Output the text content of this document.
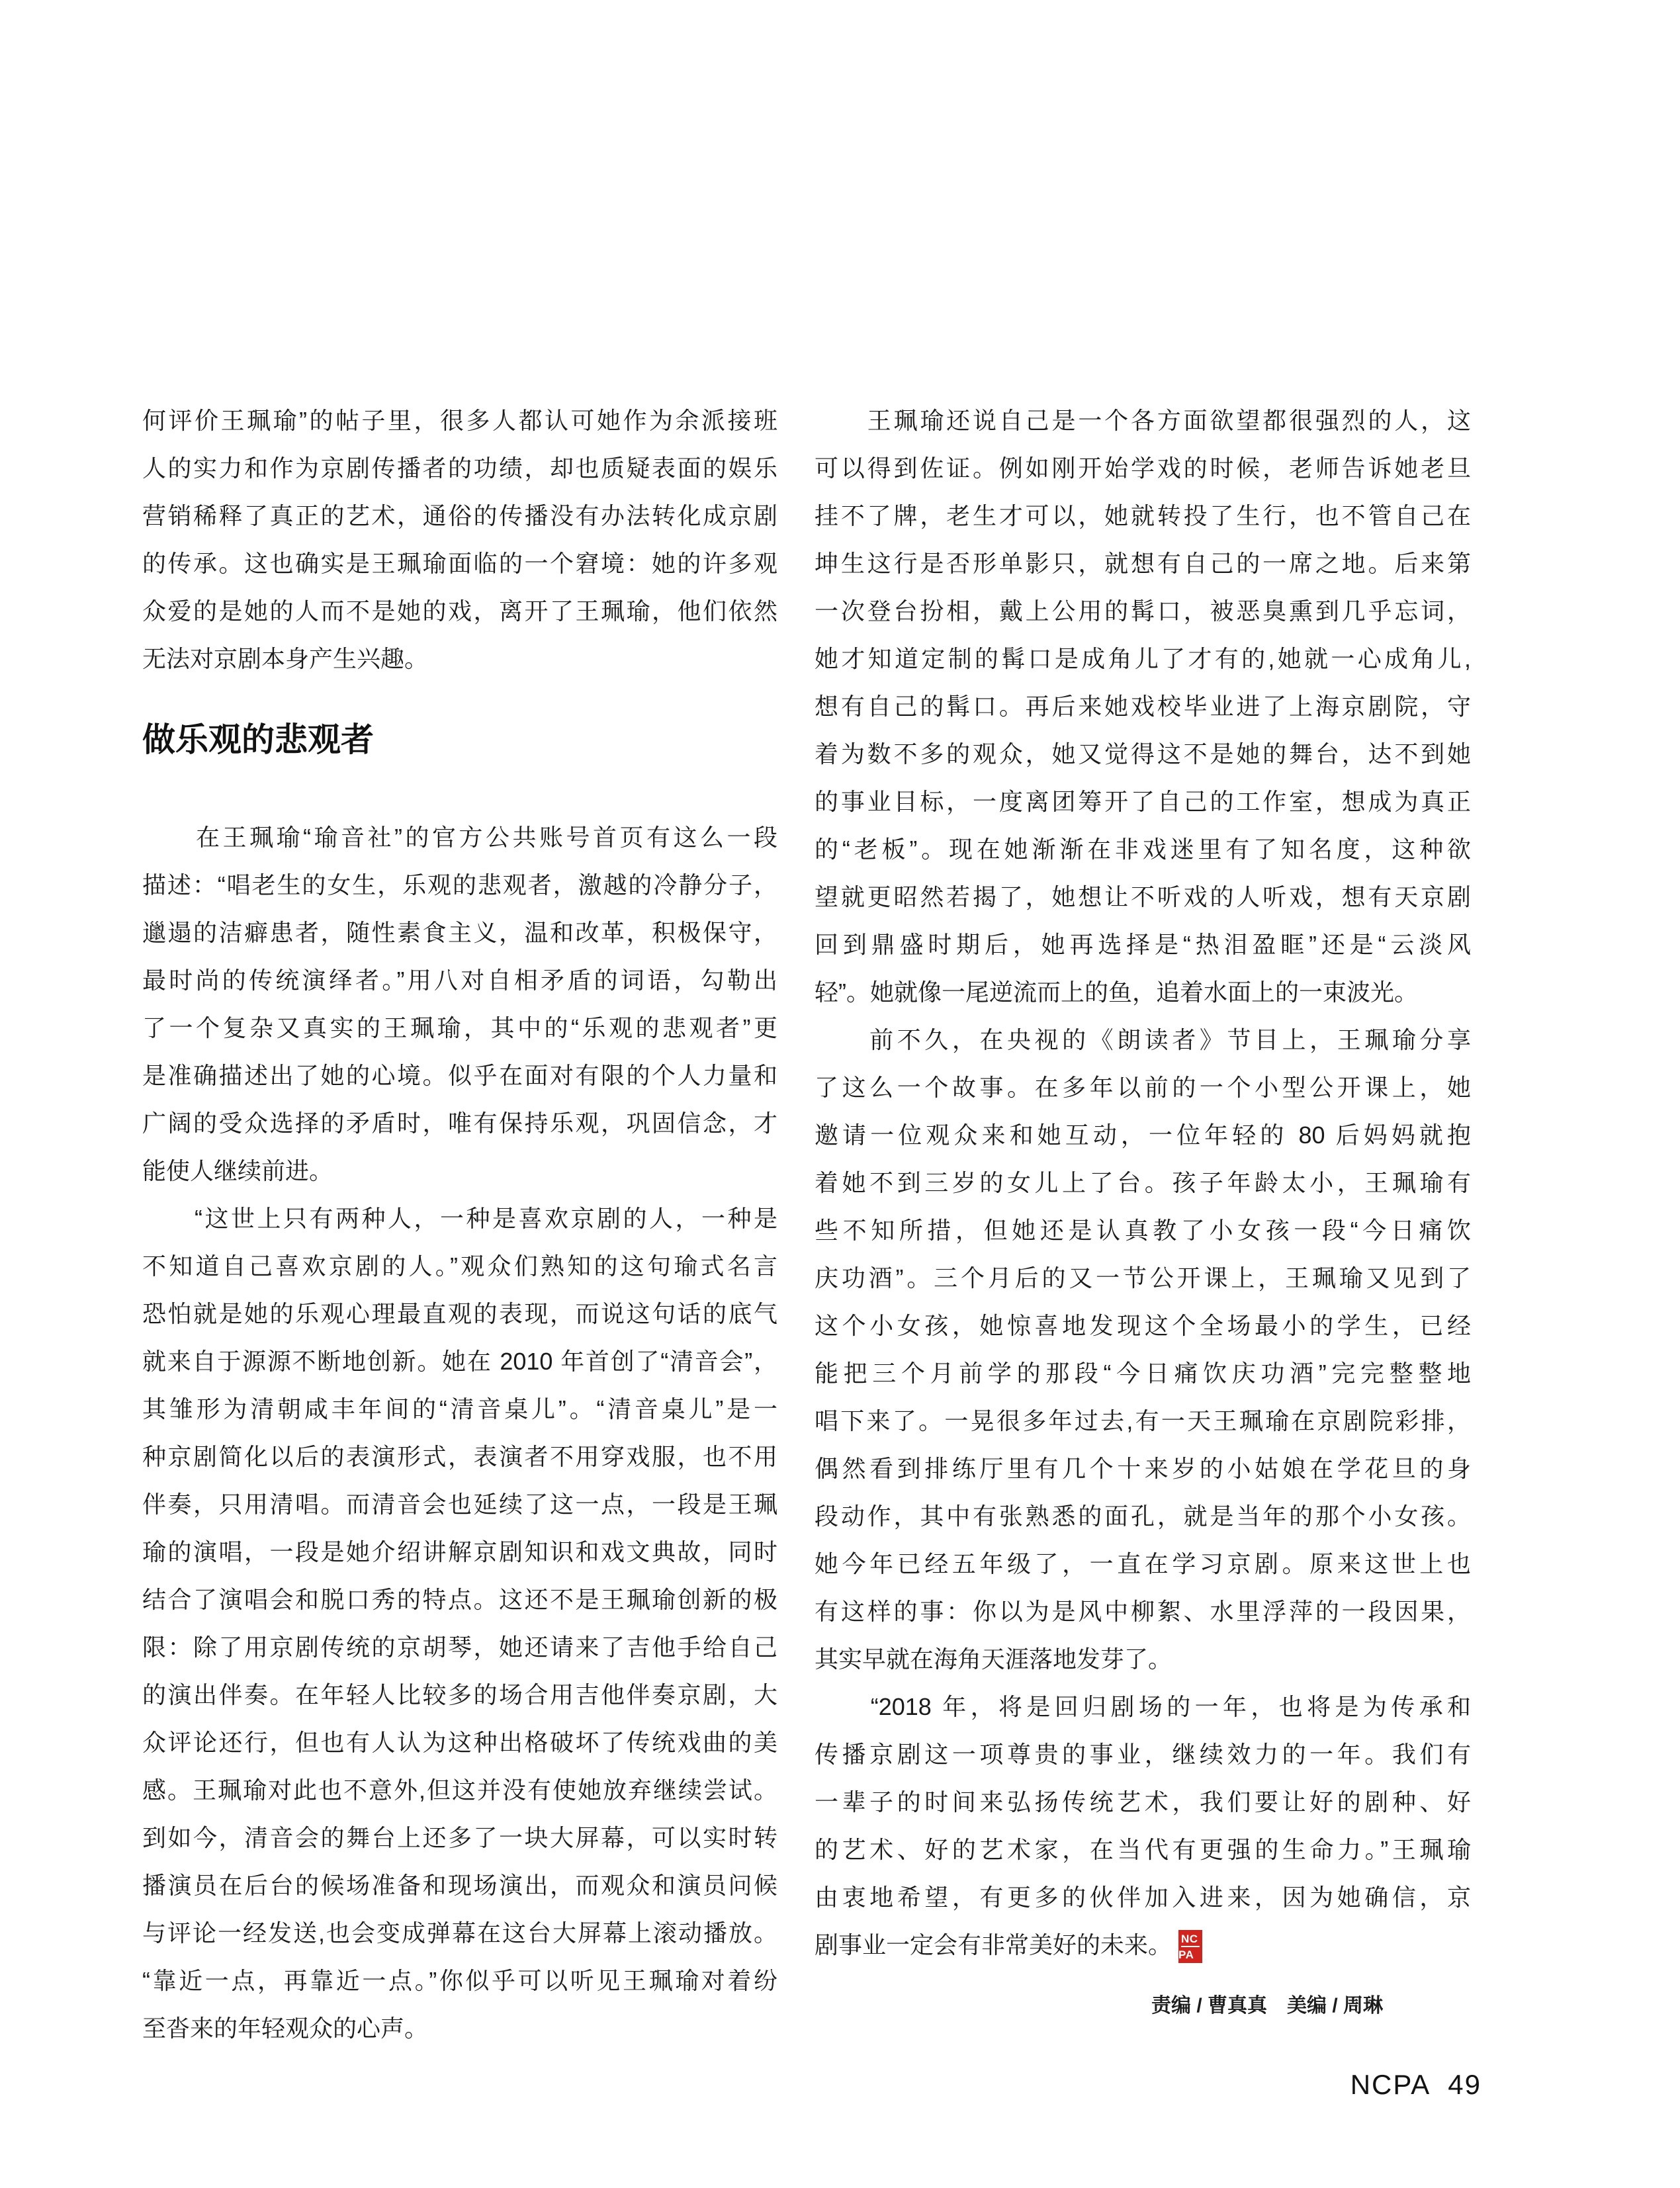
何评价王珮瑜”的帖子里，很多人都认可她作为余派接班
人的实力和作为京剧传播者的功绩，却也质疑表面的娱乐
营销稀释了真正的艺术，通俗的传播没有办法转化成京剧
的传承。这也确实是王珮瑜面临的一个窘境：她的许多观
众爱的是她的人而不是她的戏，离开了王珮瑜，他们依然
无法对京剧本身产生兴趣。
做乐观的悲观者
　　在王珮瑜“瑜音社”的官方公共账号首页有这么一段
描述：“唱老生的女生，乐观的悲观者，激越的冷静分子，
邋遢的洁癖患者，随性素食主义，温和改革，积极保守，
最时尚的传统演绎者。”用八对自相矛盾的词语，勾勒出
了一个复杂又真实的王珮瑜，其中的“乐观的悲观者”更
是准确描述出了她的心境。似乎在面对有限的个人力量和
广阔的受众选择的矛盾时，唯有保持乐观，巩固信念，才
能使人继续前进。
　　“这世上只有两种人，一种是喜欢京剧的人，一种是
不知道自己喜欢京剧的人。”观众们熟知的这句瑜式名言
恐怕就是她的乐观心理最直观的表现，而说这句话的底气
就来自于源源不断地创新。她在 2010 年首创了“清音会”，
其雏形为清朝咸丰年间的“清音桌儿”。“清音桌儿”是一
种京剧简化以后的表演形式，表演者不用穿戏服，也不用
伴奏，只用清唱。而清音会也延续了这一点，一段是王珮
瑜的演唱，一段是她介绍讲解京剧知识和戏文典故，同时
结合了演唱会和脱口秀的特点。这还不是王珮瑜创新的极
限：除了用京剧传统的京胡琴，她还请来了吉他手给自己
的演出伴奏。在年轻人比较多的场合用吉他伴奏京剧，大
众评论还行，但也有人认为这种出格破坏了传统戏曲的美
感。王珮瑜对此也不意外,但这并没有使她放弃继续尝试。
到如今，清音会的舞台上还多了一块大屏幕，可以实时转
播演员在后台的候场准备和现场演出，而观众和演员问候
与评论一经发送,也会变成弹幕在这台大屏幕上滚动播放。
“靠近一点，再靠近一点。”你似乎可以听见王珮瑜对着纷
至沓来的年轻观众的心声。
　　王珮瑜还说自己是一个各方面欲望都很强烈的人，这
可以得到佐证。例如刚开始学戏的时候，老师告诉她老旦
挂不了牌，老生才可以，她就转投了生行，也不管自己在
坤生这行是否形单影只，就想有自己的一席之地。后来第
一次登台扮相，戴上公用的髯口，被恶臭熏到几乎忘词，
她才知道定制的髯口是成角儿了才有的,她就一心成角儿,
想有自己的髯口。再后来她戏校毕业进了上海京剧院，守
着为数不多的观众，她又觉得这不是她的舞台，达不到她
的事业目标，一度离团筹开了自己的工作室，想成为真正
的“老板”。现在她渐渐在非戏迷里有了知名度，这种欲
望就更昭然若揭了，她想让不听戏的人听戏，想有天京剧
回到鼎盛时期后，她再选择是“热泪盈眶”还是“云淡风
轻”。她就像一尾逆流而上的鱼，追着水面上的一束波光。
　　前不久，在央视的《朗读者》节目上，王珮瑜分享
了这么一个故事。在多年以前的一个小型公开课上，她
邀请一位观众来和她互动，一位年轻的 80 后妈妈就抱
着她不到三岁的女儿上了台。孩子年龄太小，王珮瑜有
些不知所措，但她还是认真教了小女孩一段“今日痛饮
庆功酒”。三个月后的又一节公开课上，王珮瑜又见到了
这个小女孩，她惊喜地发现这个全场最小的学生，已经
能把三个月前学的那段“今日痛饮庆功酒”完完整整地
唱下来了。一晃很多年过去,有一天王珮瑜在京剧院彩排，
偶然看到排练厅里有几个十来岁的小姑娘在学花旦的身
段动作，其中有张熟悉的面孔，就是当年的那个小女孩。
她今年已经五年级了，一直在学习京剧。原来这世上也
有这样的事：你以为是风中柳絮、水里浮萍的一段因果，
其实早就在海角天涯落地发芽了。
　　“2018 年，将是回归剧场的一年，也将是为传承和
传播京剧这一项尊贵的事业，继续效力的一年。我们有
一辈子的时间来弘扬传统艺术，我们要让好的剧种、好
的艺术、好的艺术家，在当代有更强的生命力。”王珮瑜
由衷地希望，有更多的伙伴加入进来，因为她确信，京
剧事业一定会有非常美好的未来。 $\frac{NC}{PA}$
责编 / 曹真真　美编 / 周琳
NCPA 49
